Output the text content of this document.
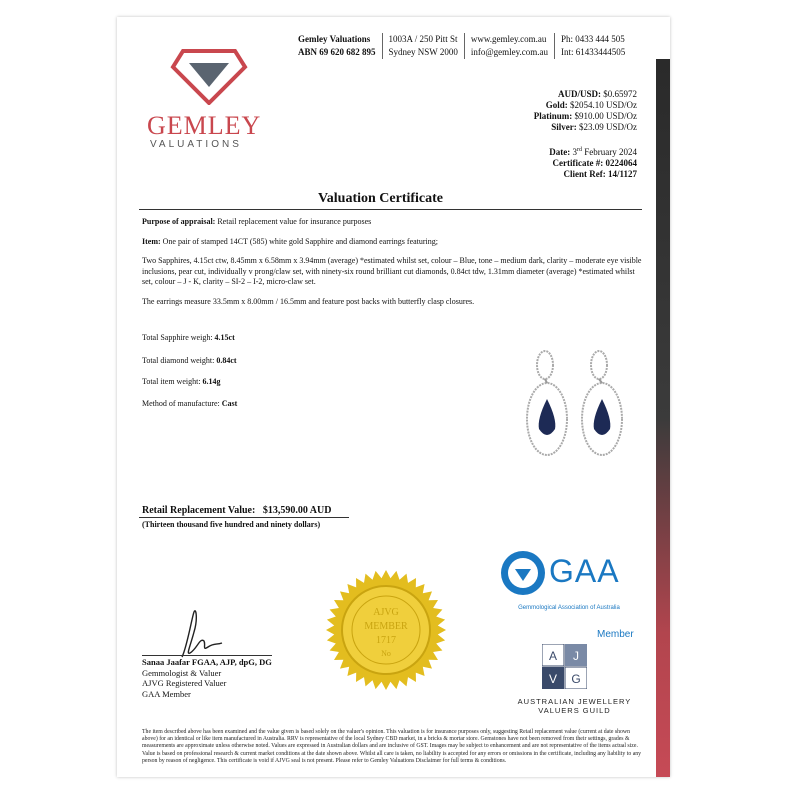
GEMLEY
VALUATIONS
Gemley Valuations
ABN 69 620 682 895
1003A / 250 Pitt St
Sydney NSW 2000
www.gemley.com.au
info@gemley.com.au
Ph: 0433 444 505
Int: 61433444505
AUD/USD: $0.65972
Gold: $2054.10 USD/Oz
Platinum: $910.00 USD/Oz
Silver: $23.09 USD/Oz
Date: 3rd February 2024
Certificate #: 0224064
Client Ref: 14/1127
Valuation Certificate

Purpose of appraisal: Retail replacement value for insurance purposes

Item: One pair of stamped 14CT (585) white gold Sapphire and diamond earrings featuring;

Two Sapphires, 4.15ct ctw, 8.45mm x 6.58mm x 3.94mm (average) *estimated whilst set, colour – Blue, tone – medium dark, clarity – moderate eye visible inclusions, pear cut, individually v prong/claw set, with ninety-six round brilliant cut diamonds, 0.84ct tdw, 1.31mm diameter (average) *estimated whilst set, colour – J - K, clarity – SI-2 – I-2, micro-claw set.

The earrings measure 33.5mm x 8.00mm / 16.5mm and feature post backs with butterfly clasp closures.

Total Sapphire weigh: 4.15ct
Total diamond weight: 0.84ct
Total item weight: 6.14g
Method of manufacture: Cast
Retail Replacement Value: $13,590.00 AUD
(Thirteen thousand five hundred and ninety dollars)
AJVG
MEMBER
1717
No
Sanaa Jaafar FGAA, AJP, dpG, DG
Gemmologist & Valuer
AJVG Registered Valuer
GAA Member
GAA
Gemmological Association of Australia
Member
A J
V G
AUSTRALIAN JEWELLERY
VALUERS GUILD
The item described above has been examined and the value given is based solely on the valuer's opinion. This valuation is for insurance purposes only, suggesting Retail replacement value (current at date shown above) for an identical or like item manufactured in Australia. RRV is representative of the local Sydney CBD market, in a bricks & mortar store. Gemstones have not been removed from their settings, grades & measurements are approximate unless otherwise noted. Values are expressed in Australian dollars and are inclusive of GST. Images may be subject to enhancement and are not representative of the items actual size. Value is based on professional research & current market conditions at the date shown above. Whilst all care is taken, no liability is accepted for any errors or omissions in the certificate, including any liability to any person by reason of negligence. This certificate is void if AJVG seal is not present. Please refer to Gemley Valuations Disclaimer for full terms & conditions.
